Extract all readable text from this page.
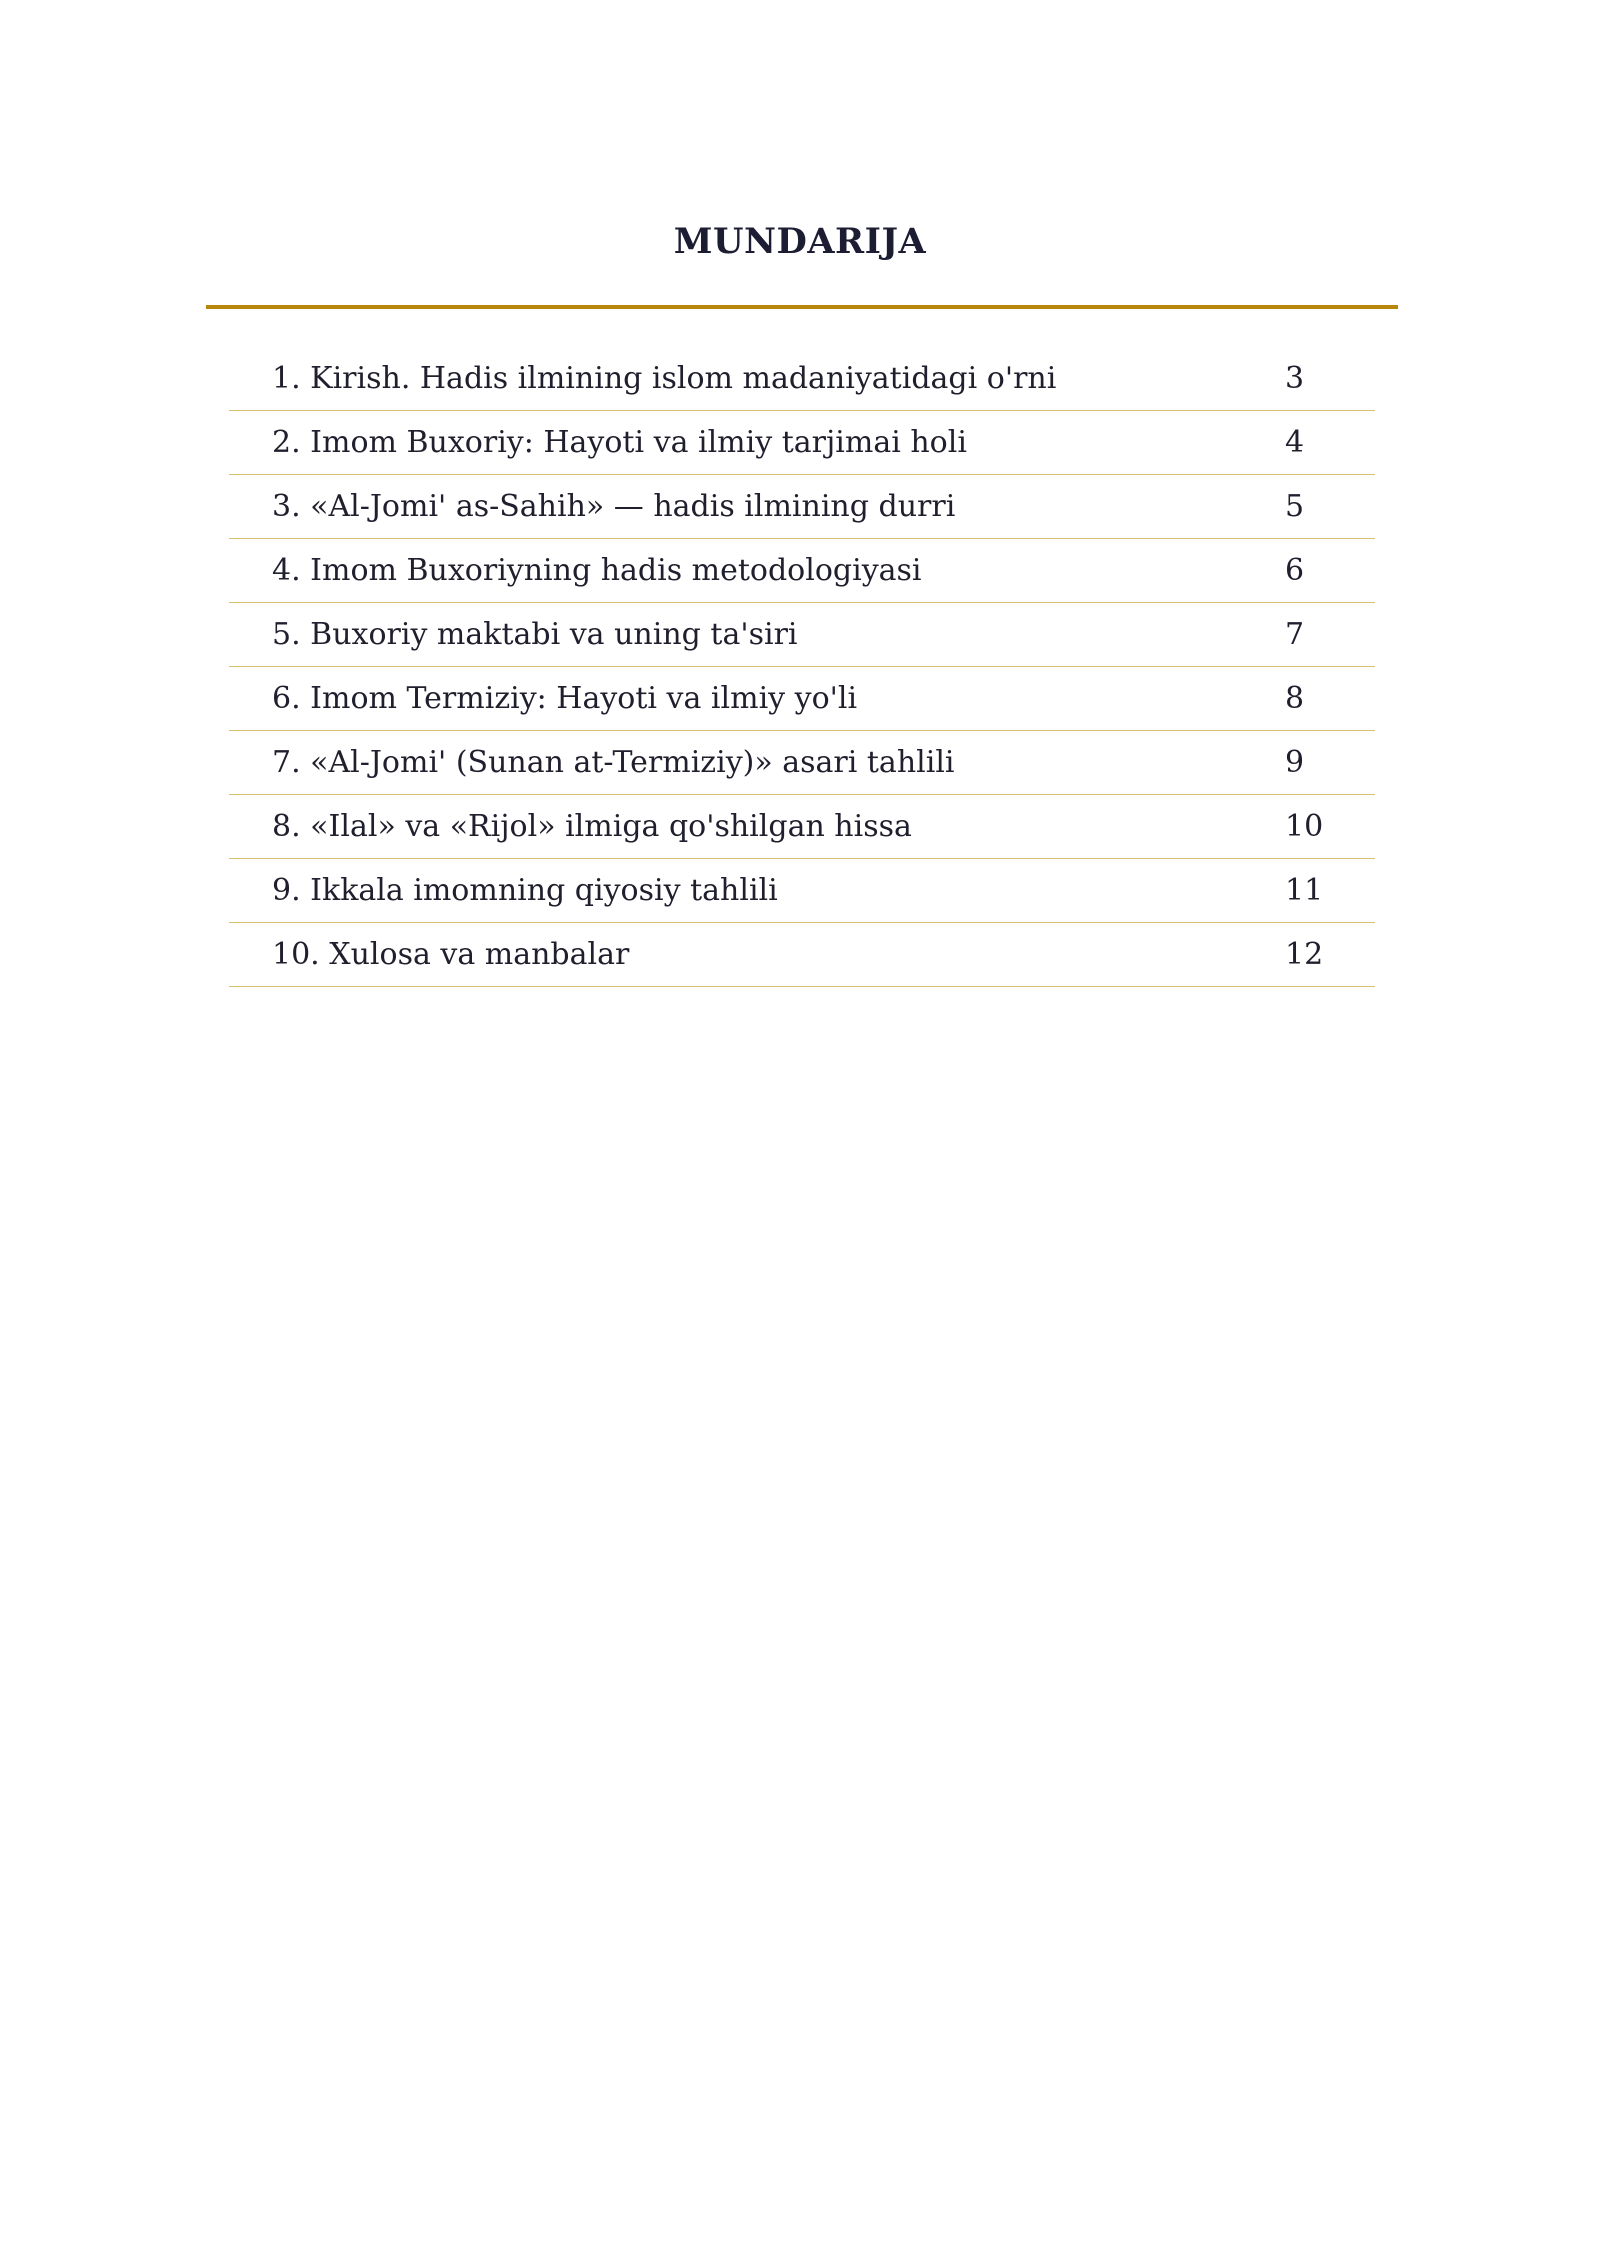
MUNDARIJA
1. Kirish. Hadis ilmining islom madaniyatidagi o'rni	3
2. Imom Buxoriy: Hayoti va ilmiy tarjimai holi	4
3. «Al-Jomi' as-Sahih» — hadis ilmining durri	5
4. Imom Buxoriyning hadis metodologiyasi	6
5. Buxoriy maktabi va uning ta'siri	7
6. Imom Termiziy: Hayoti va ilmiy yo'li	8
7. «Al-Jomi' (Sunan at-Termiziy)» asari tahlili	9
8. «Ilal» va «Rijol» ilmiga qo'shilgan hissa	10
9. Ikkala imomning qiyosiy tahlili	11
10. Xulosa va manbalar	12
